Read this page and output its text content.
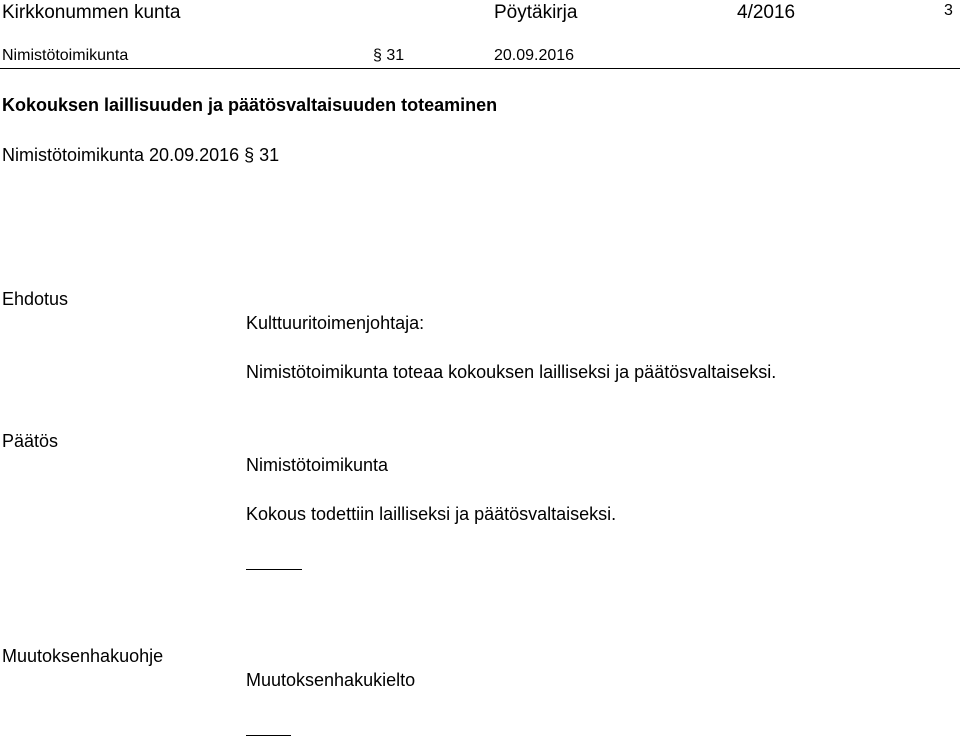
Kirkkonummen kunta	Pöytäkirja	4/2016	3
Nimistötoimikunta	§ 31	20.09.2016
Kokouksen laillisuuden ja päätösvaltaisuuden toteaminen
Nimistötoimikunta 20.09.2016 § 31
Ehdotus
Kulttuuritoimenjohtaja:
Nimistötoimikunta toteaa kokouksen lailliseksi ja päätösvaltaiseksi.
Päätös
Nimistötoimikunta
Kokous todettiin lailliseksi ja päätösvaltaiseksi.
Muutoksenhakuohje
Muutoksenhakukielto
